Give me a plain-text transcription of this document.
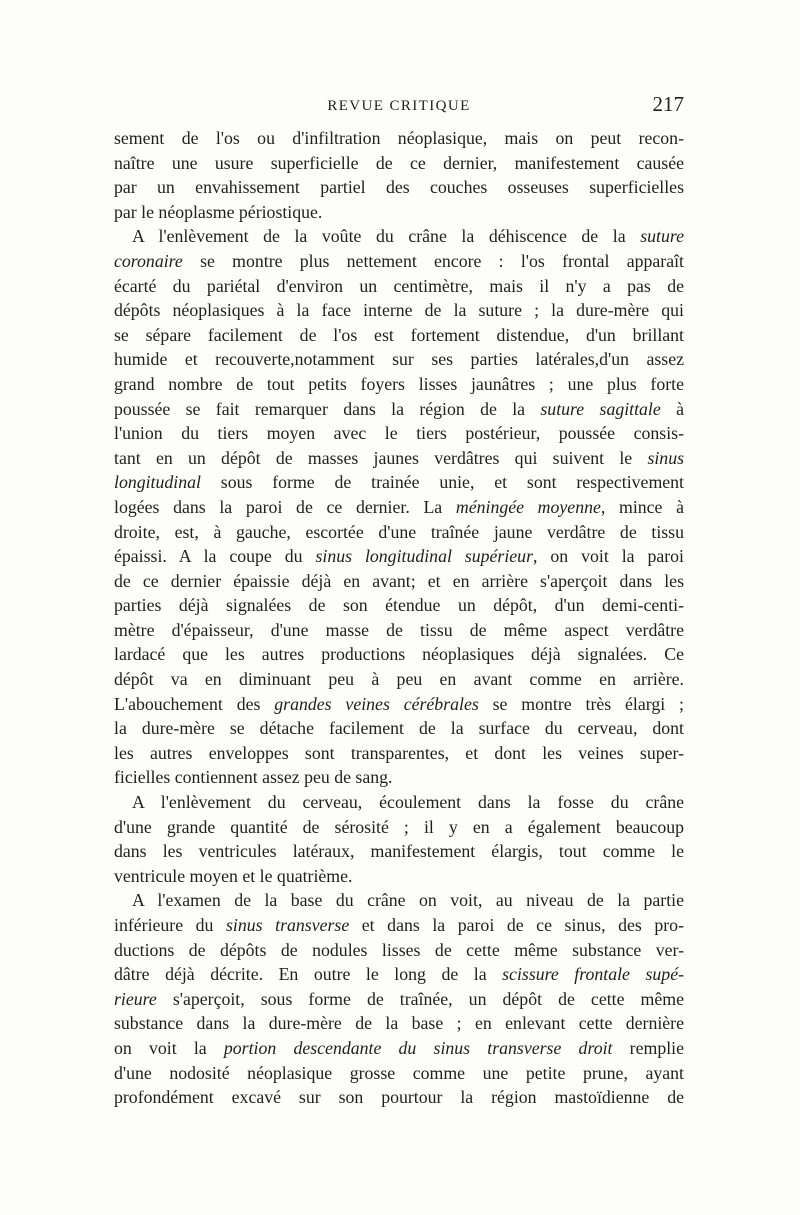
REVUE CRITIQUE	217
sement de l'os ou d'infiltration néoplasique, mais on peut recon-
naître une usure superficielle de ce dernier, manifestement causée
par un envahissement partiel des couches osseuses superficielles
par le néoplasme périostique.
A l'enlèvement de la voûte du crâne la déhiscence de la suture
coronaire se montre plus nettement encore : l'os frontal apparaît
écarté du pariétal d'environ un centimètre, mais il n'y a pas de
dépôts néoplasiques à la face interne de la suture ; la dure-mère qui
se sépare facilement de l'os est fortement distendue, d'un brillant
humide et recouverte,notamment sur ses parties latérales,d'un assez
grand nombre de tout petits foyers lisses jaunâtres ; une plus forte
poussée se fait remarquer dans la région de la suture sagittale à
l'union du tiers moyen avec le tiers postérieur, poussée consis-
tant en un dépôt de masses jaunes verdâtres qui suivent le sinus
longitudinal sous forme de trainée unie, et sont respectivement
logées dans la paroi de ce dernier. La méningée moyenne, mince à
droite, est, à gauche, escortée d'une traînée jaune verdâtre de tissu
épaissi. A la coupe du sinus longitudinal supérieur, on voit la paroi
de ce dernier épaissie déjà en avant; et en arrière s'aperçoit dans les
parties déjà signalées de son étendue un dépôt, d'un demi-centi-
mètre d'épaisseur, d'une masse de tissu de même aspect verdâtre
lardacé que les autres productions néoplasiques déjà signalées. Ce
dépôt va en diminuant peu à peu en avant comme en arrière.
L'abouchement des grandes veines cérébrales se montre très élargi ;
la dure-mère se détache facilement de la surface du cerveau, dont
les autres enveloppes sont transparentes, et dont les veines super-
ficielles contiennent assez peu de sang.
A l'enlèvement du cerveau, écoulement dans la fosse du crâne
d'une grande quantité de sérosité ; il y en a également beaucoup
dans les ventricules latéraux, manifestement élargis, tout comme le
ventricule moyen et le quatrième.
A l'examen de la base du crâne on voit, au niveau de la partie
inférieure du sinus transverse et dans la paroi de ce sinus, des pro-
ductions de dépôts de nodules lisses de cette même substance ver-
dâtre déjà décrite. En outre le long de la scissure frontale supé-
rieure s'aperçoit, sous forme de traînée, un dépôt de cette même
substance dans la dure-mère de la base ; en enlevant cette dernière
on voit la portion descendante du sinus transverse droit remplie
d'une nodosité néoplasique grosse comme une petite prune, ayant
profondément excavé sur son pourtour la région mastoïdienne de
